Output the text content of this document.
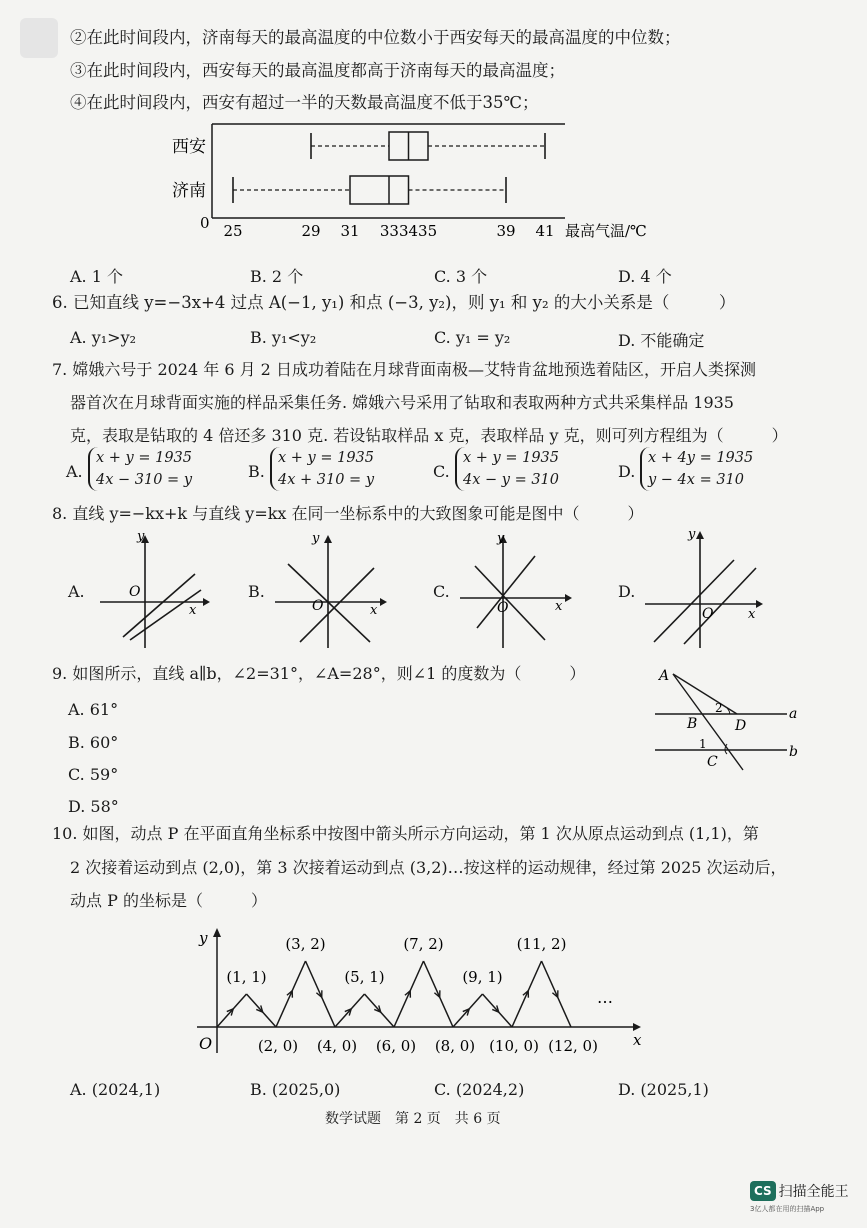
②在此时间段内，济南每天的最高温度的中位数小于西安每天的最高温度的中位数；
③在此时间段内，西安每天的最高温度都高于济南每天的最高温度；
④在此时间段内，西安有超过一半的天数最高温度不低于35℃；
西安
济南
0 25	29 31 333435	39 41 最高气温/℃
A. 1 个	B. 2 个	C. 3 个	D. 4 个
6. 已知直线 y=−3x+4 过点 A(−1, y₁) 和点 (−3, y₂)，则 y₁ 和 y₂ 的大小关系是（　　　）
A. y₁>y₂	B. y₁<y₂	C. y₁ = y₂	D. 不能确定
7. 嫦娥六号于 2024 年 6 月 2 日成功着陆在月球背面南极—艾特肯盆地预选着陆区，开启人类探测
器首次在月球背面实施的样品采集任务. 嫦娥六号采用了钻取和表取两种方式共采集样品 1935
克，表取是钻取的 4 倍还多 310 克. 若设钻取样品 x 克，表取样品 y 克，则可列方程组为（　　　）
A.
x + y = 1935
4x − 310 = y	B.
x + y = 1935
4x + 310 = y	C.
x + y = 1935
4x − y = 310	D.
x + 4y = 1935
y − 4x = 310
8. 直线 y=−kx+k 与直线 y=kx 在同一坐标系中的大致图象可能是图中（　　　）
A.
y
x
O	B.
y
x
O
C.
y
x
O
D.
y
x
O
9. 如图所示，直线 a∥b，∠2=31°，∠A=28°，则∠1 的度数为（　　　）
A. 61°
B. 60°
C. 59°
D. 58°
A
B	D
C
a
b
2
1
10. 如图，动点 P 在平面直角坐标系中按图中箭头所示方向运动，第 1 次从原点运动到点 (1,1)，第
2 次接着运动到点 (2,0)，第 3 次接着运动到点 (3,2)…按这样的运动规律，经过第 2025 次运动后，
动点 P 的坐标是（　　　）
(1, 1)
(3, 2)
(5, 1)
(7, 2)
(9, 1)
(11, 2)
(2, 0) (4, 0) (6, 0) (8, 0) (10, 0) (12, 0)
…
x
y
O
A. (2024,1)	B. (2025,0)	C. (2024,2)	D. (2025,1)
数学试题　第 2 页　共 6 页
CS 扫描全能王
3亿人都在用的扫描App
